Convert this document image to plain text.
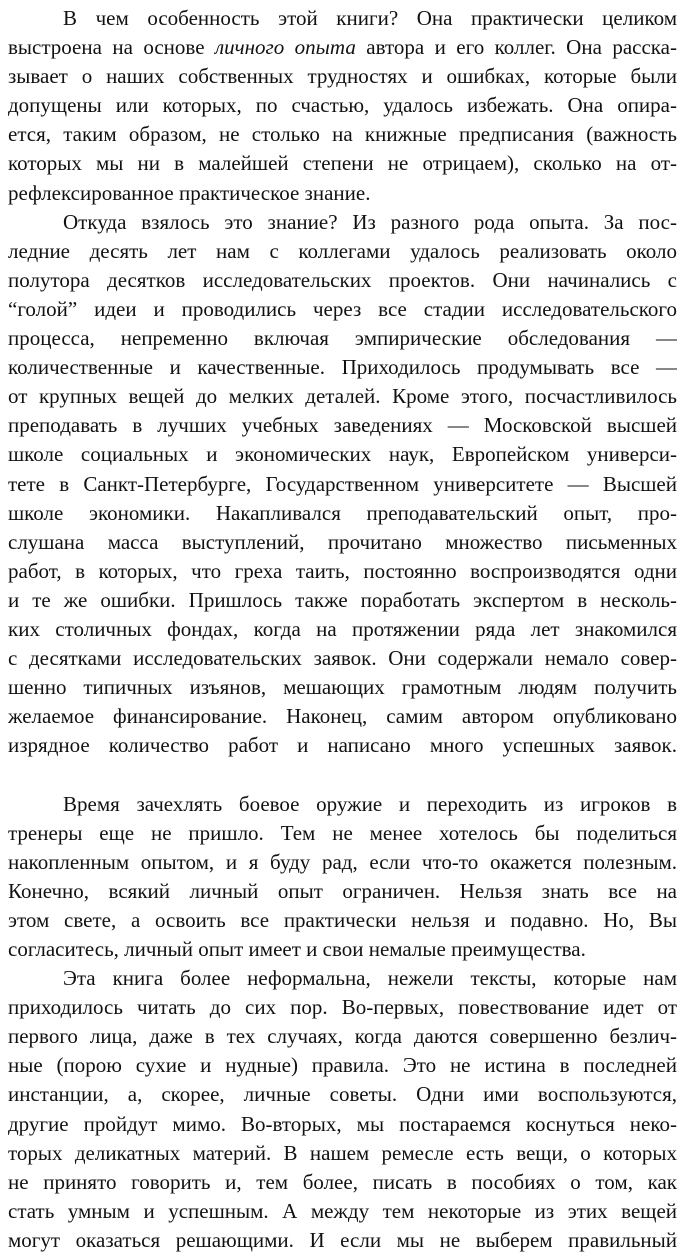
В чем особенность этой книги? Она практически целиком
выстроена на основе личного опыта автора и его коллег. Она расска-
зывает о наших собственных трудностях и ошибках, которые были
допущены или которых, по счастью, удалось избежать. Она опира-
ется, таким образом, не столько на книжные предписания (важность
которых мы ни в малейшей степени не отрицаем), сколько на от-
рефлексированное практическое знание.
Откуда взялось это знание? Из разного рода опыта. За пос-
ледние десять лет нам с коллегами удалось реализовать около
полутора десятков исследовательских проектов. Они начинались с
“голой” идеи и проводились через все стадии исследовательского
процесса, непременно включая эмпирические обследования —
количественные и качественные. Приходилось продумывать все —
от крупных вещей до мелких деталей. Кроме этого, посчастливилось
преподавать в лучших учебных заведениях — Московской высшей
школе социальных и экономических наук, Европейском универси-
тете в Санкт-Петербурге, Государственном университете — Высшей
школе экономики. Накапливался преподавательский опыт, про-
слушана масса выступлений, прочитано множество письменных
работ, в которых, что греха таить, постоянно воспроизводятся одни
и те же ошибки. Пришлось также поработать экспертом в несколь-
ких столичных фондах, когда на протяжении ряда лет знакомился
с десятками исследовательских заявок. Они содержали немало совер-
шенно типичных изъянов, мешающих грамотным людям получить
желаемое финансирование. Наконец, самим автором опубликовано
изрядное количество работ и написано много успешных заявок.
Время зачехлять боевое оружие и переходить из игроков в
тренеры еще не пришло. Тем не менее хотелось бы поделиться
накопленным опытом, и я буду рад, если что-то окажется полезным.
Конечно, всякий личный опыт ограничен. Нельзя знать все на
этом свете, а освоить все практически нельзя и подавно. Но, Вы
согласитесь, личный опыт имеет и свои немалые преимущества.
Эта книга более неформальна, нежели тексты, которые нам
приходилось читать до сих пор. Во-первых, повествование идет от
первого лица, даже в тех случаях, когда даются совершенно безлич-
ные (порою сухие и нудные) правила. Это не истина в последней
инстанции, а, скорее, личные советы. Одни ими воспользуются,
другие пройдут мимо. Во-вторых, мы постараемся коснуться неко-
торых деликатных материй. В нашем ремесле есть вещи, о которых
не принято говорить и, тем более, писать в пособиях о том, как
стать умным и успешным. А между тем некоторые из этих вещей
могут оказаться решающими. И если мы не выберем правильный
